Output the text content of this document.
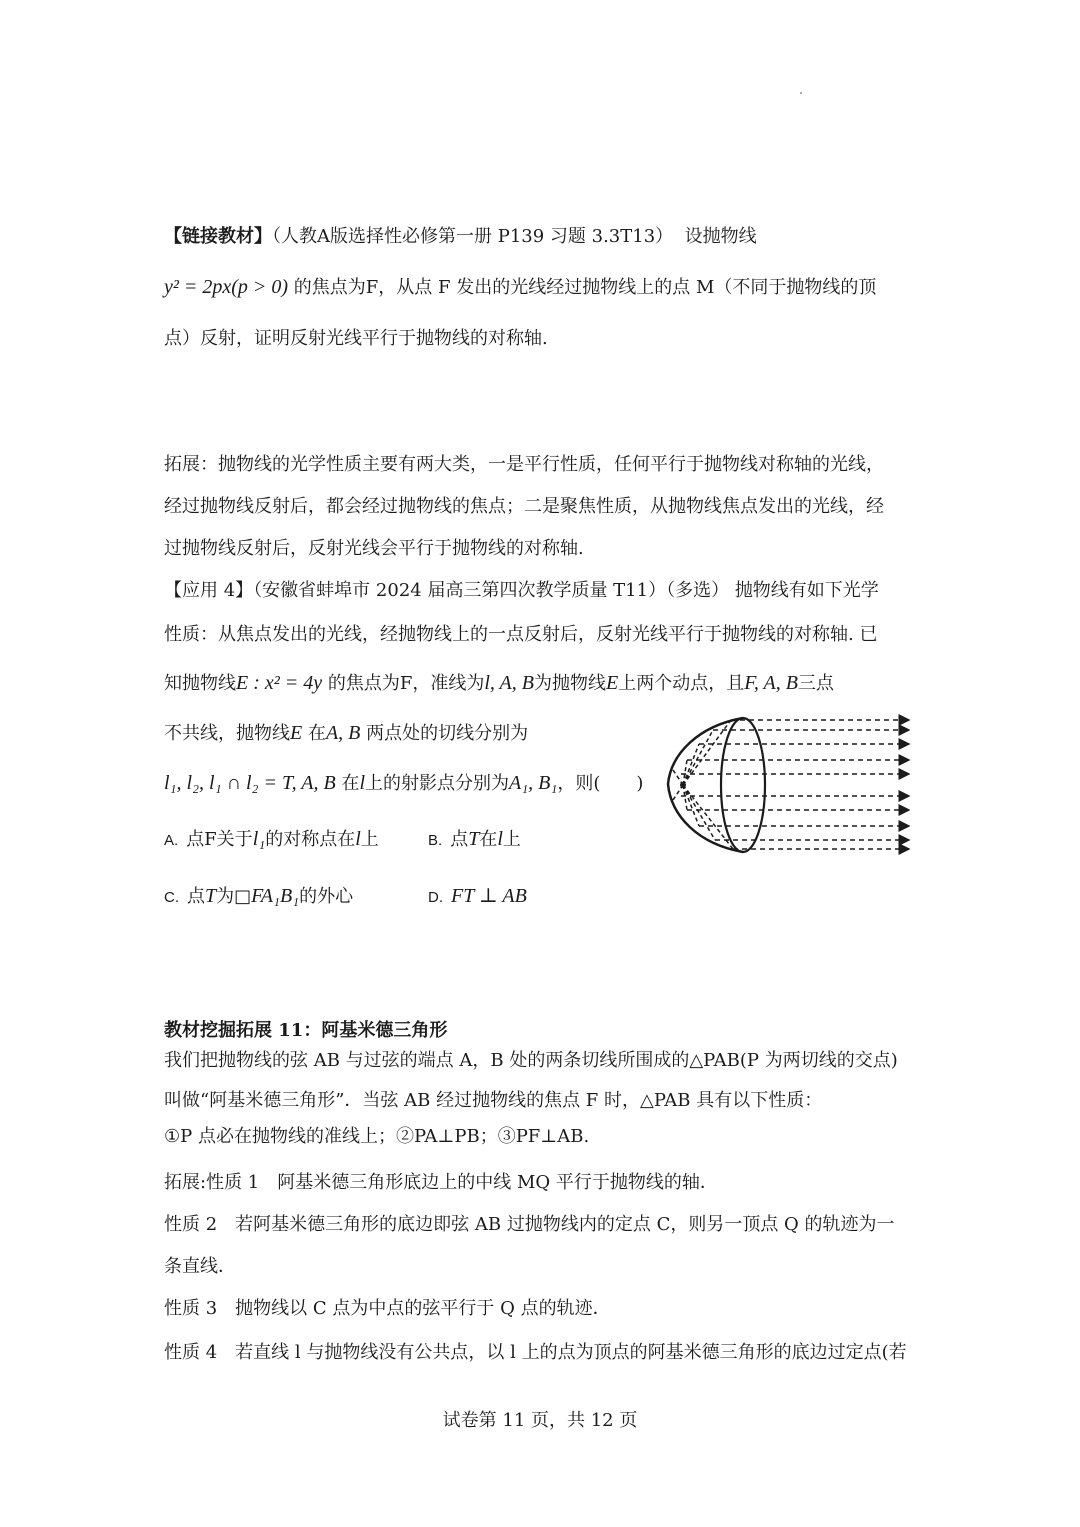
【链接教材】（人教A版选择性必修第一册 P139 习题 3.3T13） 设抛物线
y² = 2px(p > 0) 的焦点为F，从点 F 发出的光线经过抛物线上的点 M（不同于抛物线的顶
点）反射，证明反射光线平行于抛物线的对称轴.
拓展：抛物线的光学性质主要有两大类，一是平行性质，任何平行于抛物线对称轴的光线，
经过抛物线反射后，都会经过抛物线的焦点；二是聚焦性质，从抛物线焦点发出的光线，经
过抛物线反射后，反射光线会平行于抛物线的对称轴.
【应用 4】（安徽省蚌埠市 2024 届高三第四次教学质量 T11）（多选） 抛物线有如下光学
性质：从焦点发出的光线，经抛物线上的一点反射后，反射光线平行于抛物线的对称轴. 已
知抛物线E : x² = 4y 的焦点为F，准线为l, A, B为抛物线E上两个动点，且F, A, B三点
不共线，抛物线E 在A, B 两点处的切线分别为
l₁, l₂, l₁ ∩ l₂ = T, A, B 在l上的射影点分别为A₁, B₁，则(　　)
A. 点F关于l₁的对称点在l上	B. 点T在l上
C. 点T为□FA₁B₁的外心	D. FT ⊥ AB
教材挖掘拓展 11：阿基米德三角形
我们把抛物线的弦 AB 与过弦的端点 A，B 处的两条切线所围成的△PAB(P 为两切线的交点)
叫做“阿基米德三角形”．当弦 AB 经过抛物线的焦点 F 时，△PAB 具有以下性质：
①P 点必在抛物线的准线上；②PA⊥PB；③PF⊥AB.
拓展:性质 1　阿基米德三角形底边上的中线 MQ 平行于抛物线的轴．
性质 2　若阿基米德三角形的底边即弦 AB 过抛物线内的定点 C，则另一顶点 Q 的轨迹为一
条直线．
性质 3　抛物线以 C 点为中点的弦平行于 Q 点的轨迹．
性质 4　若直线 l 与抛物线没有公共点，以 l 上的点为顶点的阿基米德三角形的底边过定点(若
试卷第 11 页，共 12 页
